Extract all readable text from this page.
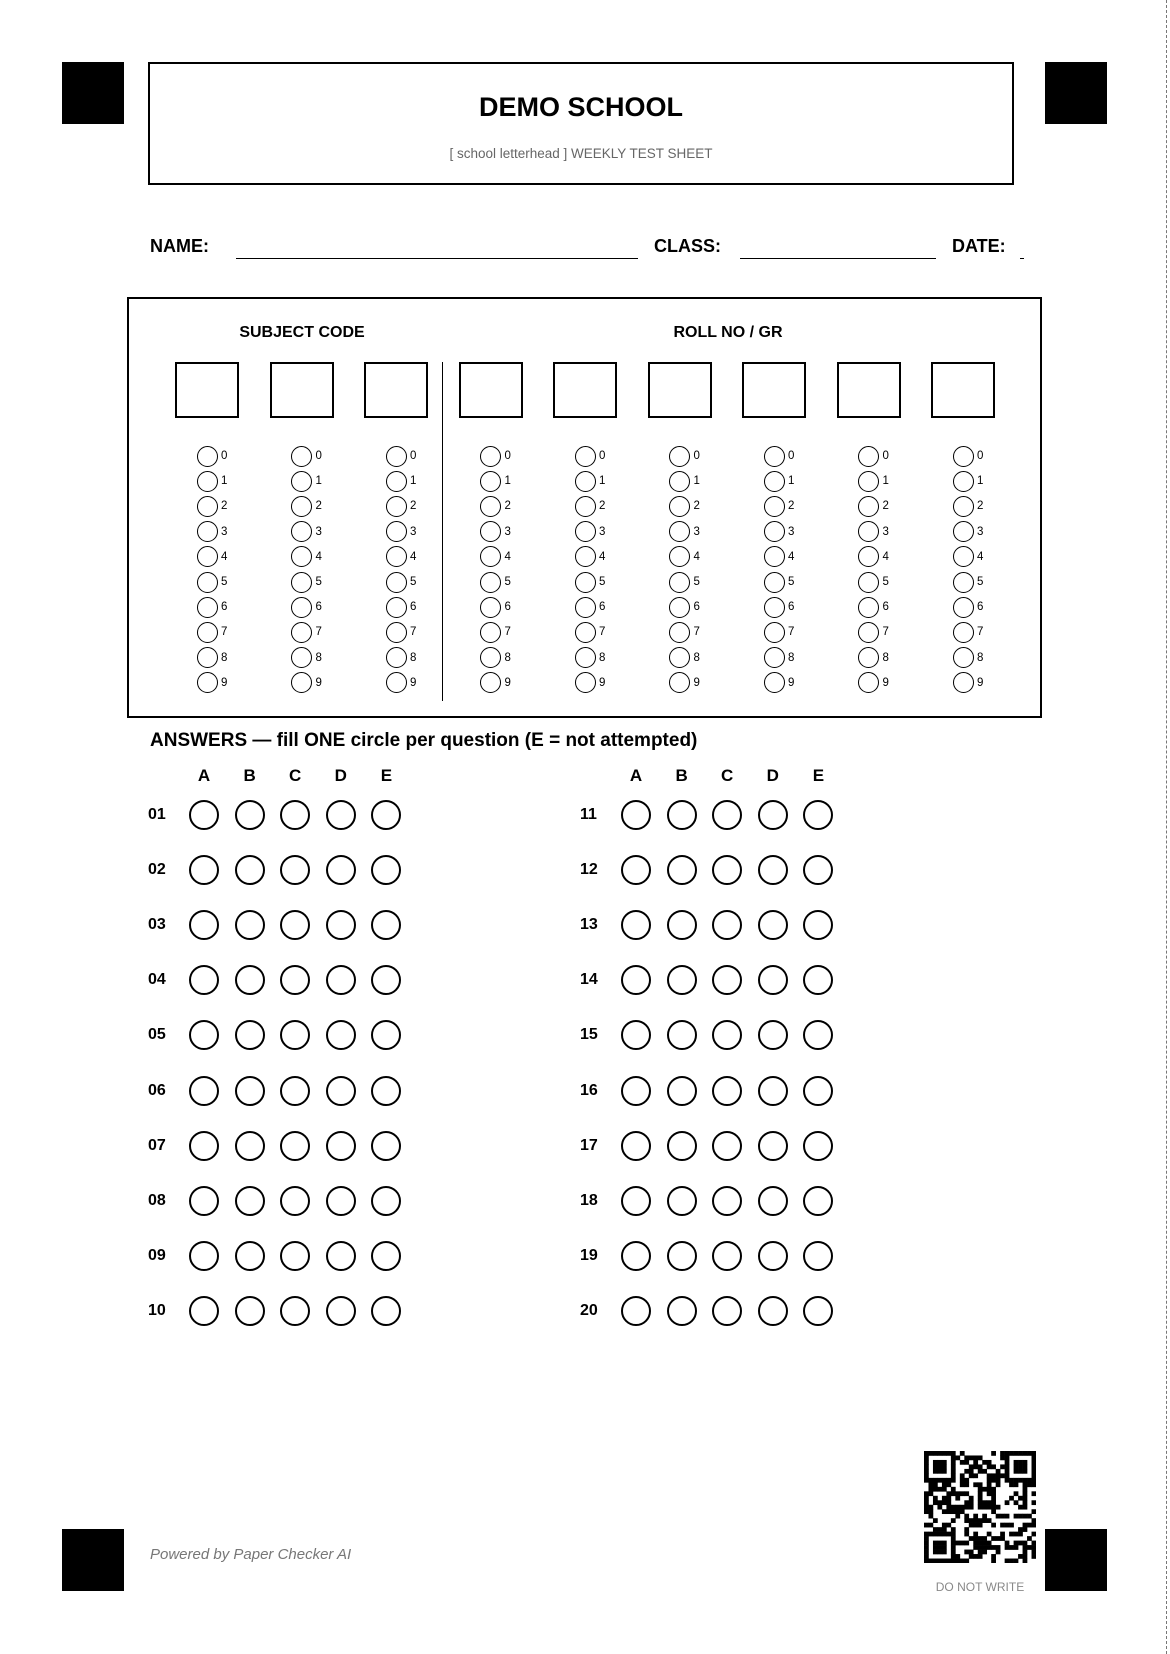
DEMO SCHOOL
[ school letterhead ] WEEKLY TEST SHEET
NAME:	CLASS:	DATE:
SUBJECT CODE	ROLL NO / GR
0
1
2
3
4
5
6
7
8
9
0
1
2
3
4
5
6
7
8
9
0
1
2
3
4
5
6
7
8
9
0
1
2
3
4
5
6
7
8
9
0
1
2
3
4
5
6
7
8
9
0
1
2
3
4
5
6
7
8
9
0
1
2
3
4
5
6
7
8
9
0
1
2
3
4
5
6
7
8
9
0
1
2
3
4
5
6
7
8
9
ANSWERS — fill ONE circle per question (E = not attempted)
A	B	C	D	E
01
02
03
04
05
06
07
08
09
10
A	B	C	D	E
11
12
13
14
15
16
17
18
19
20
Powered by Paper Checker AI
DO NOT WRITE
